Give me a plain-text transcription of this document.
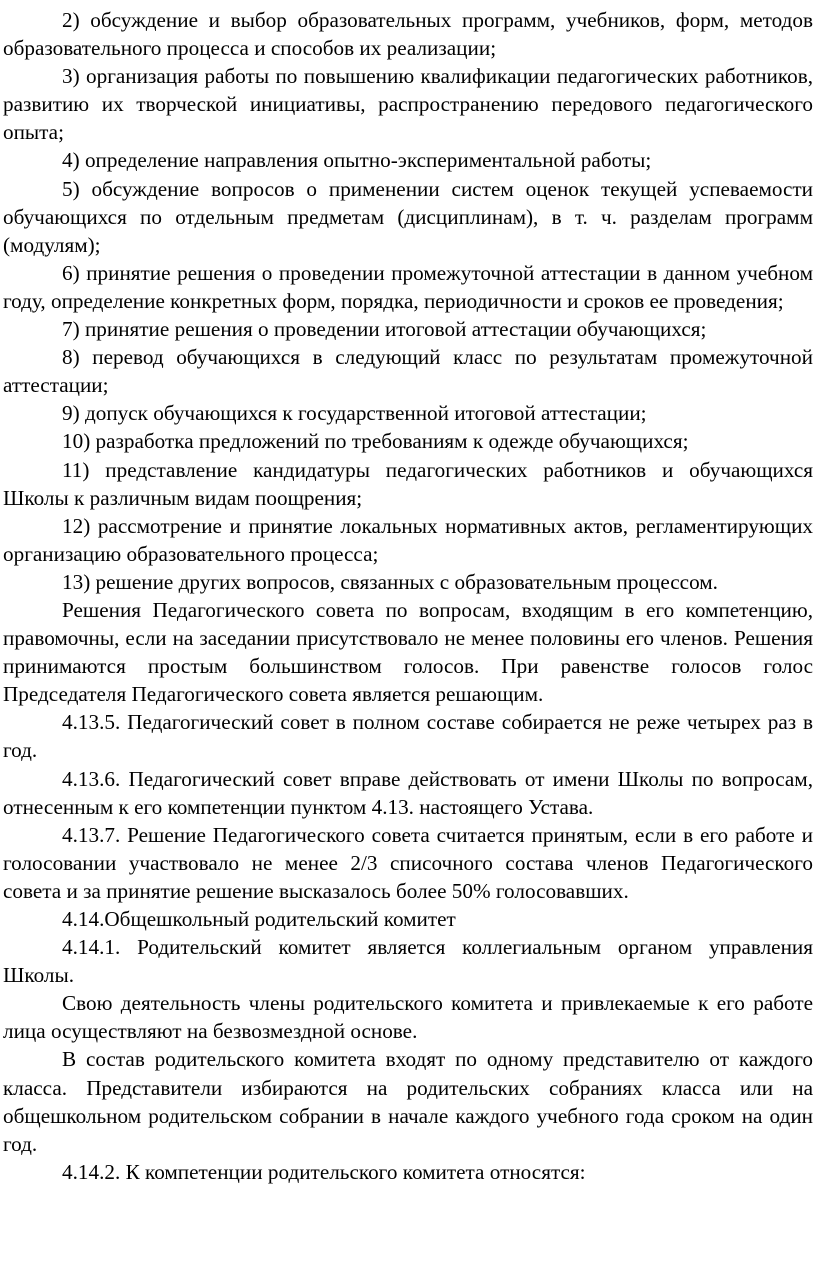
2) обсуждение и выбор образовательных программ, учебников, форм, методов образовательного процесса и способов их реализации;

3) организация работы по повышению квалификации педагогических работников, развитию их творческой инициативы, распространению передового педагогического опыта;

4) определение направления опытно-экспериментальной работы;

5) обсуждение вопросов о применении систем оценок текущей успеваемости обучающихся по отдельным предметам (дисциплинам), в т. ч. разделам программ (модулям);

6) принятие решения о проведении промежуточной аттестации в данном учебном году, определение конкретных форм, порядка, периодичности и сроков ее проведения;

7) принятие решения о проведении итоговой аттестации обучающихся;

8) перевод обучающихся в следующий класс по результатам промежуточной аттестации;

9) допуск обучающихся к государственной итоговой аттестации;

10) разработка предложений по требованиям к одежде обучающихся;

11) представление кандидатуры педагогических работников и обучающихся Школы к различным видам поощрения;

12) рассмотрение и принятие локальных нормативных актов, регламентирующих организацию образовательного процесса;

13) решение других вопросов, связанных с образовательным процессом.

Решения Педагогического совета по вопросам, входящим в его компетенцию, правомочны, если на заседании присутствовало не менее половины его членов. Решения принимаются простым большинством голосов. При равенстве голосов голос Председателя Педагогического совета является решающим.

4.13.5. Педагогический совет в полном составе собирается не реже четырех раз в год.

4.13.6. Педагогический совет вправе действовать от имени Школы по вопросам, отнесенным к его компетенции пунктом 4.13. настоящего Устава.

4.13.7. Решение Педагогического совета считается принятым, если в его работе и голосовании участвовало не менее 2/3 списочного состава членов Педагогического совета и за принятие решение высказалось более 50% голосовавших.

4.14.Общешкольный родительский комитет

4.14.1. Родительский комитет является коллегиальным органом управления Школы.

Свою деятельность члены родительского комитета и привлекаемые к его работе лица осуществляют на безвозмездной основе.

В состав родительского комитета входят по одному представителю от каждого класса. Представители избираются на родительских собраниях класса или на общешкольном родительском собрании в начале каждого учебного года сроком на один год.

4.14.2. К компетенции родительского комитета относятся:
